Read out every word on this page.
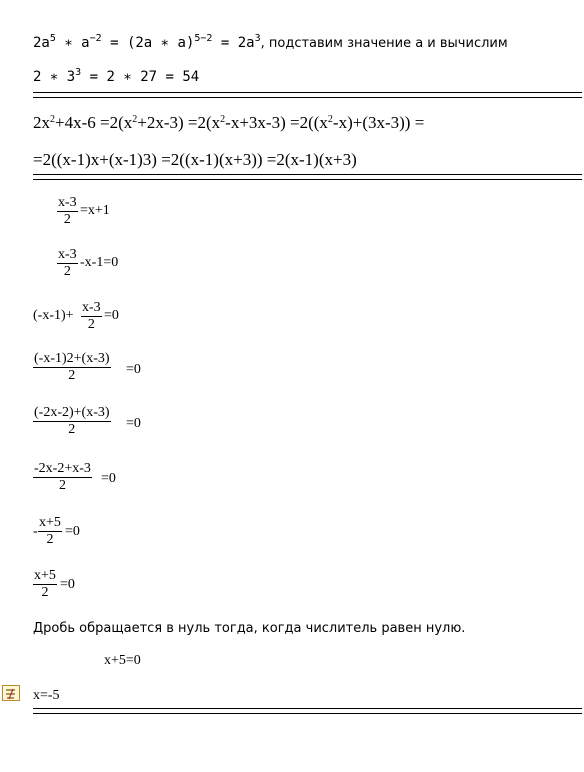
$2a^5$ ∗ $a^{-2} = (2a$ ∗ $a)^{5-2} = 2a^3$, подставим значение а и вычислим
2 ∗ $3^3 = 2$ ∗ 27 = 54
$2x^2+4x-6 =2(x^2+2x-3) =2(x^2-x+3x-3) =2((x^2-x)+(3x-3))$ =
=2((x-1)x+(x-1)3) =2((x-1)(x+3)) =2(x-1)(x+3)
$\frac{x-3}{2} =x+1$
$\frac{x-3}{2} -x-1=0$
$(-x-1)+ \frac{x-3}{2} =0$
$\frac{(-x-1)2+(x-3)}{2} =0$
$\frac{(-2x-2)+(x-3)}{2} =0$
$\frac{-2x-2+x-3}{2} =0$
- $\frac{x+5}{2} =0$
$\frac{x+5}{2} =0$
Дробь обращается в нуль тогда, когда числитель равен нулю.
x+5=0
x=-5
